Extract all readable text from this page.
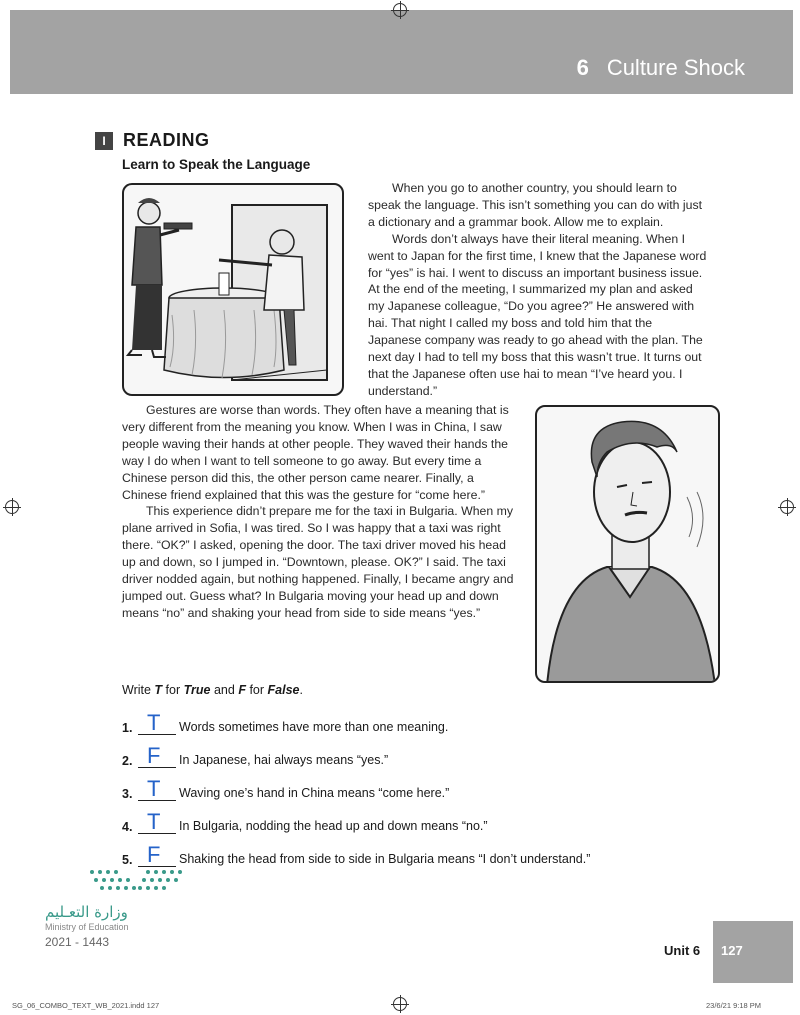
6 Culture Shock
I READING
Learn to Speak the Language

When you go to another country, you should learn to speak the language. This isn’t something you can do with just a dictionary and a grammar book. Allow me to explain.

Words don’t always have their literal meaning. When I went to Japan for the first time, I knew that the Japanese word for “yes” is hai. I went to discuss an important business issue. At the end of the meeting, I summarized my plan and asked my Japanese colleague, “Do you agree?” He answered with hai. That night I called my boss and told him that the Japanese company was ready to go ahead with the plan. The next day I had to tell my boss that this wasn’t true. It turns out that the Japanese often use hai to mean “I’ve heard you. I understand.”

Gestures are worse than words. They often have a meaning that is very different from the meaning you know. When I was in China, I saw people waving their hands at other people. They waved their hands the way I do when I want to tell someone to go away. But every time a Chinese person did this, the other person came nearer. Finally, a Chinese friend explained that this was the gesture for “come here.”

This experience didn’t prepare me for the taxi in Bulgaria. When my plane arrived in Sofia, I was tired. So I was happy that a taxi was right there. “OK?” I asked, opening the door. The taxi driver moved his head up and down, so I jumped in. “Downtown, please. OK?” I said. The taxi driver nodded again, but nothing happened. Finally, I became angry and jumped out. Guess what? In Bulgaria moving your head up and down means “no” and shaking your head from side to side means “yes.”

Write T for True and F for False.
1. T Words sometimes have more than one meaning.
2. F In Japanese, hai always means “yes.”
3. T Waving one’s hand in China means “come here.”
4. T In Bulgaria, nodding the head up and down means “no.”
5. F Shaking the head from side to side in Bulgaria means “I don’t understand.”
وزارة التعـليم
Ministry of Education
2021 - 1443
Unit 6 127
SG_06_COMBO_TEXT_WB_2021.indd 127	23/6/21 9:18 PM
